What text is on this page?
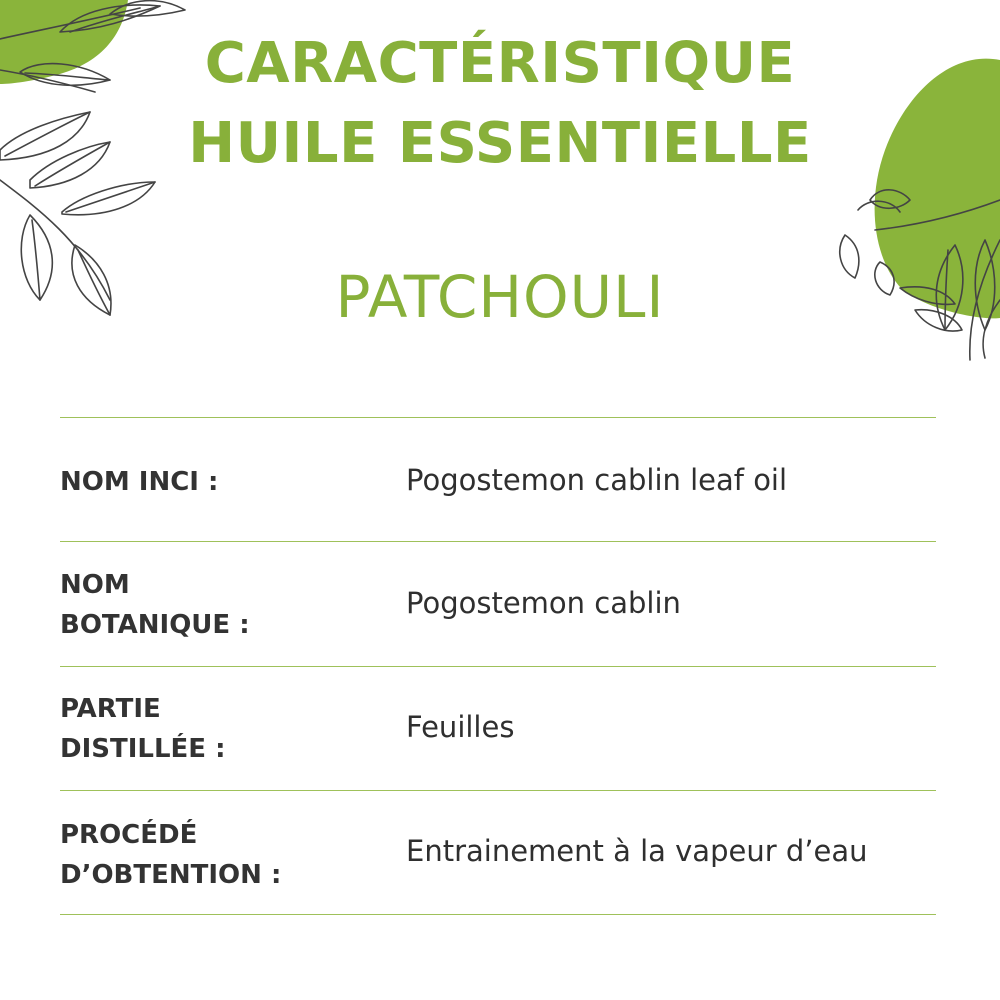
CARACTÉRISTIQUE
HUILE ESSENTIELLE
PATCHOULI
NOM INCI :	Pogostemon cablin leaf oil
NOM
BOTANIQUE :
Pogostemon cablin
PARTIE
DISTILLÉE :
Feuilles
PROCÉDÉ
D’OBTENTION :
Entrainement à la vapeur d’eau
